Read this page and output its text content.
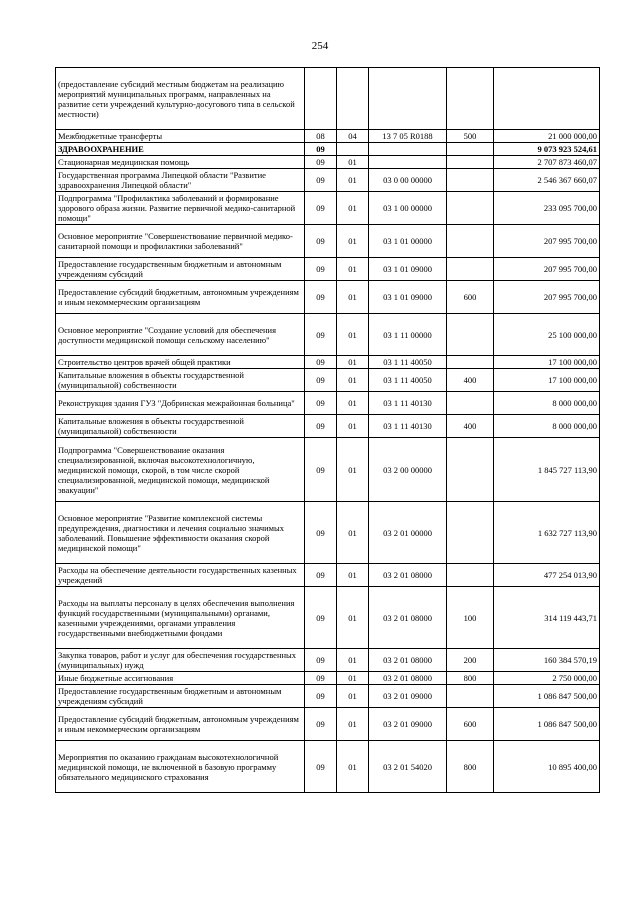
254
(предоставление субсидий местным бюджетам на реализацию мероприятий муниципальных программ, направленных на развитие сети учреждений культурно-досугового типа в сельской местности)					
Межбюджетные трансферты	08	04	13 7 05 R0188	500	21 000 000,00
ЗДРАВООХРАНЕНИЕ	09				9 073 923 524,61
Стационарная медицинская помощь	09	01			2 707 873 460,07
Государственная программа Липецкой области "Развитие здравоохранения Липецкой области"	09	01	03 0 00 00000		2 546 367 660,07
Подпрограмма "Профилактика заболеваний и формирование здорового образа жизни. Развитие первичной медико-санитарной помощи"	09	01	03 1 00 00000		233 095 700,00
Основное мероприятие "Совершенствование первичной медико-санитарной помощи и профилактики заболеваний"	09	01	03 1 01 00000		207 995 700,00
Предоставление государственным бюджетным и автономным учреждениям субсидий	09	01	03 1 01 09000		207 995 700,00
Предоставление субсидий бюджетным, автономным учреждениям и иным некоммерческим организациям	09	01	03 1 01 09000	600	207 995 700,00
Основное мероприятие "Создание условий для обеспечения доступности медицинской помощи сельскому населению"	09	01	03 1 11 00000		25 100 000,00
Строительство центров врачей общей практики	09	01	03 1 11 40050		17 100 000,00
Капитальные вложения в объекты государственной (муниципальной) собственности	09	01	03 1 11 40050	400	17 100 000,00
Реконструкция здания ГУЗ "Добринская межрайонная больница"	09	01	03 1 11 40130		8 000 000,00
Капитальные вложения в объекты государственной (муниципальной) собственности	09	01	03 1 11 40130	400	8 000 000,00
Подпрограмма "Совершенствование оказания специализированной, включая высокотехнологичную, медицинской помощи, скорой, в том числе скорой специализированной, медицинской помощи, медицинской эвакуации"	09	01	03 2 00 00000		1 845 727 113,90
Основное мероприятие "Развитие комплексной системы предупреждения, диагностики и лечения социально значимых заболеваний. Повышение эффективности оказания скорой медицинской помощи"	09	01	03 2 01 00000		1 632 727 113,90
Расходы на обеспечение деятельности государственных казенных учреждений	09	01	03 2 01 08000		477 254 013,90
Расходы на выплаты персоналу в целях обеспечения выполнения функций государственными (муниципальными) органами, казенными учреждениями, органами управления государственными внебюджетными фондами	09	01	03 2 01 08000	100	314 119 443,71
Закупка товаров, работ и услуг для обеспечения государственных (муниципальных) нужд	09	01	03 2 01 08000	200	160 384 570,19
Иные бюджетные ассигнования	09	01	03 2 01 08000	800	2 750 000,00
Предоставление государственным бюджетным и автономным учреждениям субсидий	09	01	03 2 01 09000		1 086 847 500,00
Предоставление субсидий бюджетным, автономным учреждениям и иным некоммерческим организациям	09	01	03 2 01 09000	600	1 086 847 500,00
Мероприятия по оказанию гражданам высокотехнологичной медицинской помощи, не включенной в базовую программу обязательного медицинского страхования	09	01	03 2 01 54020	800	10 895 400,00
